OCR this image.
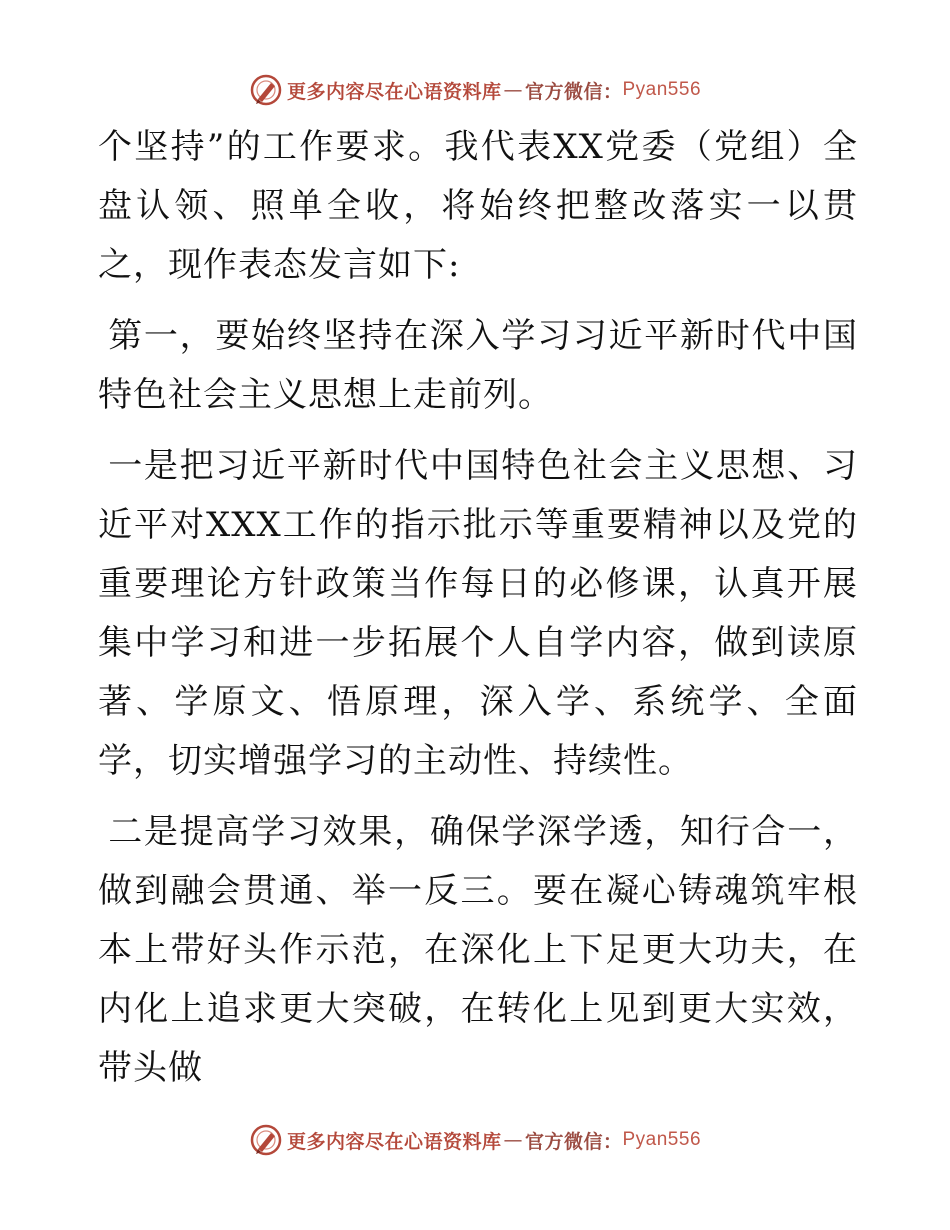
更多内容尽在心语资料库 — 官方微信： Pyan556

个坚持”的工作要求。我代表XX党委（党组）全盘认领、照单全收，将始终把整改落实一以贯之，现作表态发言如下:

第一，要始终坚持在深入学习习近平新时代中国特色社会主义思想上走前列。

一是把习近平新时代中国特色社会主义思想、习近平对XXX工作的指示批示等重要精神以及党的重要理论方针政策当作每日的必修课，认真开展集中学习和进一步拓展个人自学内容，做到读原著、学原文、悟原理，深入学、系统学、全面学，切实增强学习的主动性、持续性。

二是提高学习效果，确保学深学透，知行合一，做到融会贯通、举一反三。要在凝心铸魂筑牢根本上带好头作示范，在深化上下足更大功夫，在内化上追求更大突破，在转化上见到更大实效，带头做

更多内容尽在心语资料库 — 官方微信： Pyan556
